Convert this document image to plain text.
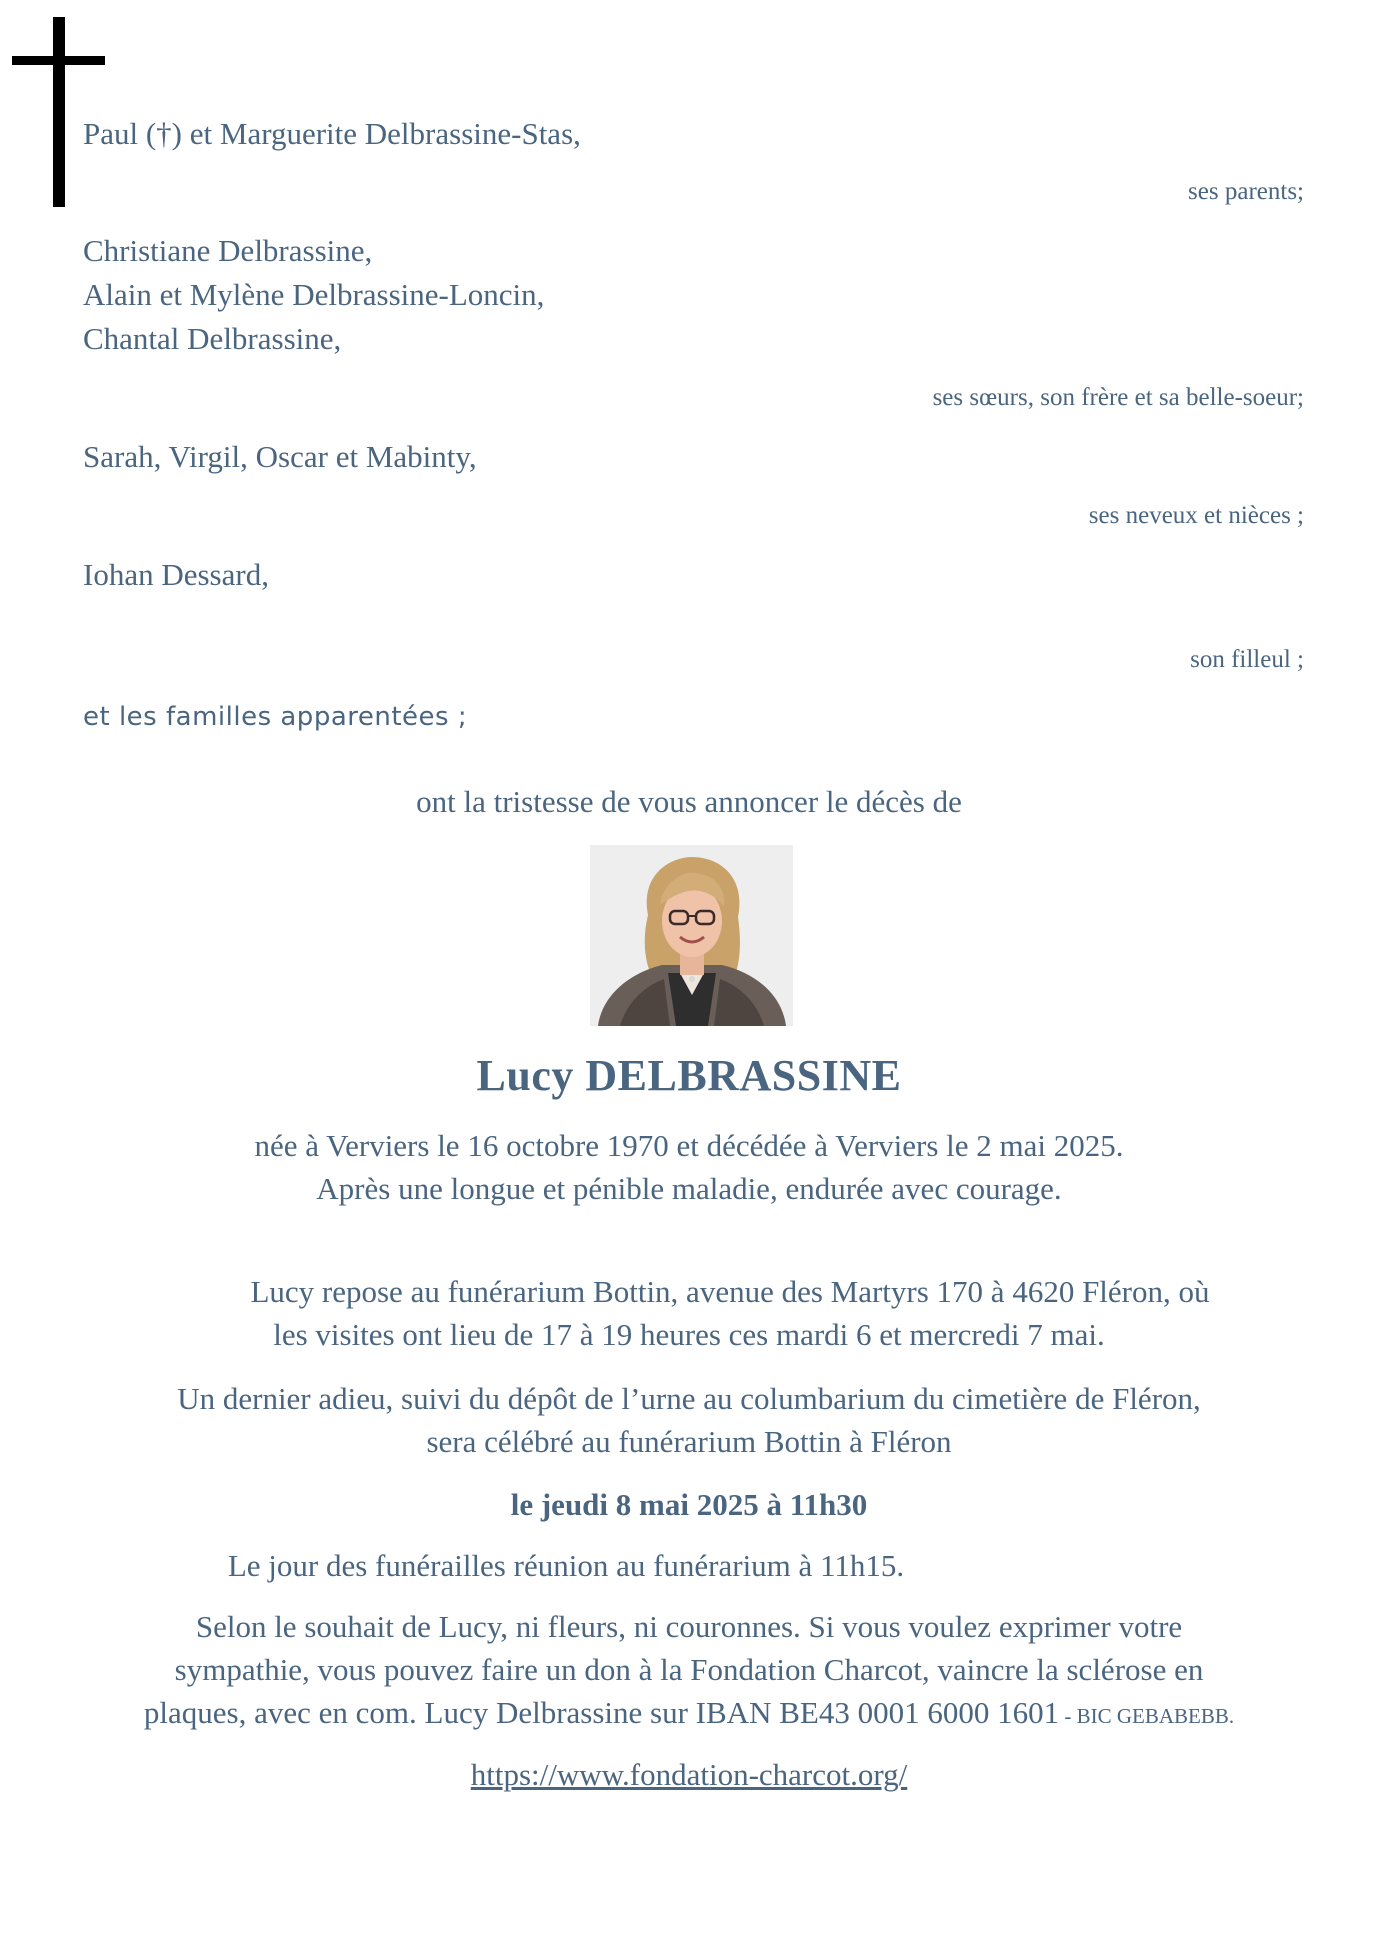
Paul (†) et Marguerite Delbrassine-Stas,
ses parents;
Christiane Delbrassine,
Alain et Mylène Delbrassine-Loncin,
Chantal Delbrassine,
ses sœurs, son frère et sa belle-soeur;
Sarah, Virgil, Oscar et Mabinty,
ses neveux et nièces ;
Iohan Dessard,
son filleul ;
et les familles apparentées ;
ont la tristesse de vous annoncer le décès de
Lucy DELBRASSINE
née à Verviers le 16 octobre 1970 et décédée à Verviers le 2 mai 2025.
Après une longue et pénible maladie, endurée avec courage.
Lucy repose au funérarium Bottin, avenue des Martyrs 170 à 4620 Fléron, où
les visites ont lieu de 17 à 19 heures ces mardi 6 et mercredi 7 mai.
Un dernier adieu, suivi du dépôt de l’urne au columbarium du cimetière de Fléron,
sera célébré au funérarium Bottin à Fléron
le jeudi 8 mai 2025 à 11h30
Le jour des funérailles réunion au funérarium à 11h15.
Selon le souhait de Lucy, ni fleurs, ni couronnes. Si vous voulez exprimer votre
sympathie, vous pouvez faire un don à la Fondation Charcot, vaincre la sclérose en
plaques, avec en com. Lucy Delbrassine sur IBAN BE43 0001 6000 1601 - BIC GEBABEBB.
https://www.fondation-charcot.org/
